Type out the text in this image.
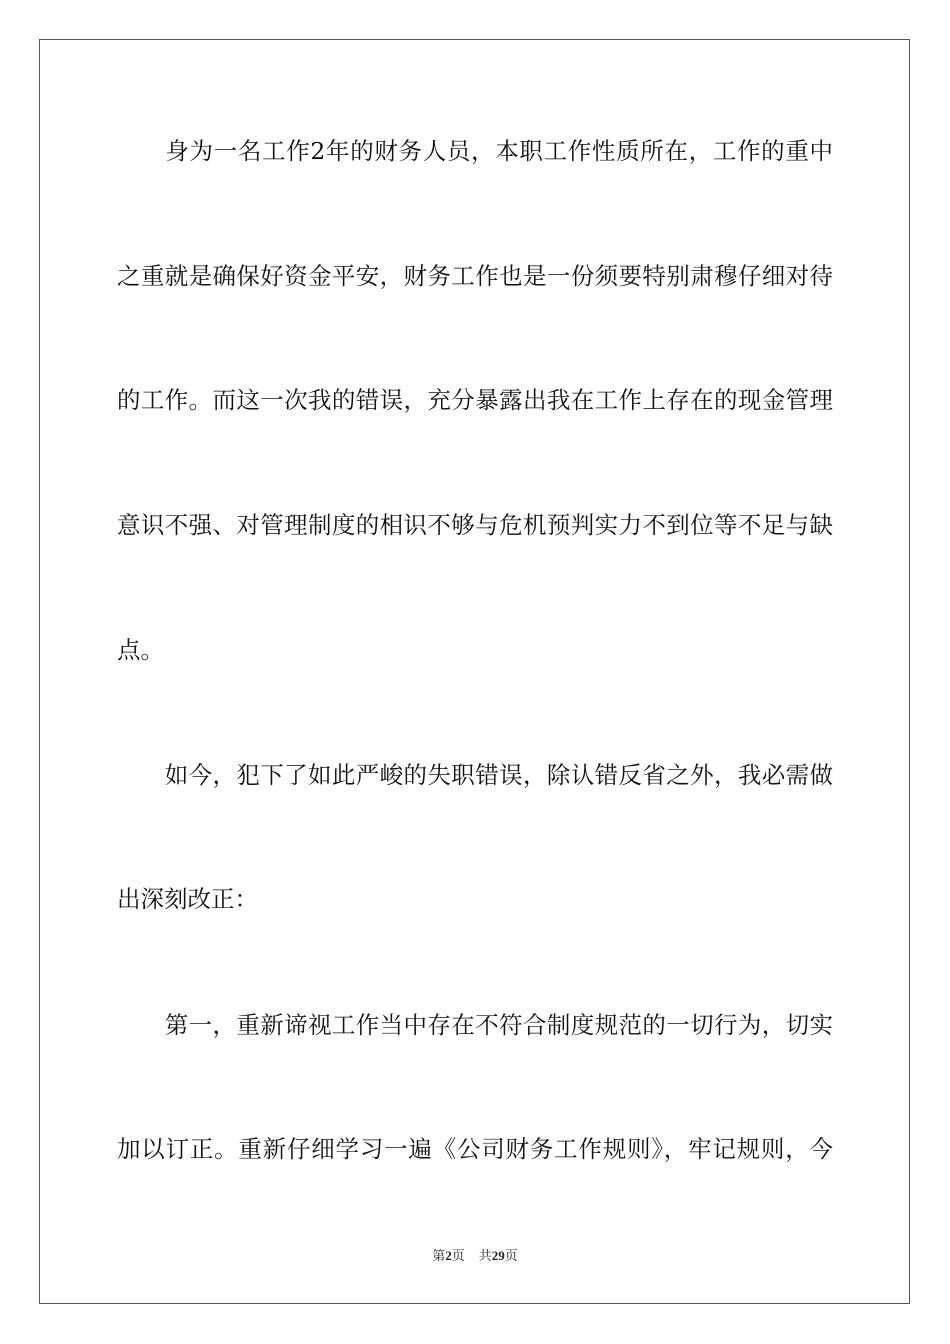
　　身为一名工作2年的财务人员，本职工作性质所在，工作的重中
之重就是确保好资金平安，财务工作也是一份须要特别肃穆仔细对待
的工作。而这一次我的错误，充分暴露出我在工作上存在的现金管理
意识不强、对管理制度的相识不够与危机预判实力不到位等不足与缺
点。
　　如今，犯下了如此严峻的失职错误，除认错反省之外，我必需做
出深刻改正：
　　第一，重新谛视工作当中存在不符合制度规范的一切行为，切实
加以订正。重新仔细学习一遍《公司财务工作规则》，牢记规则，今
第2页 共29页
